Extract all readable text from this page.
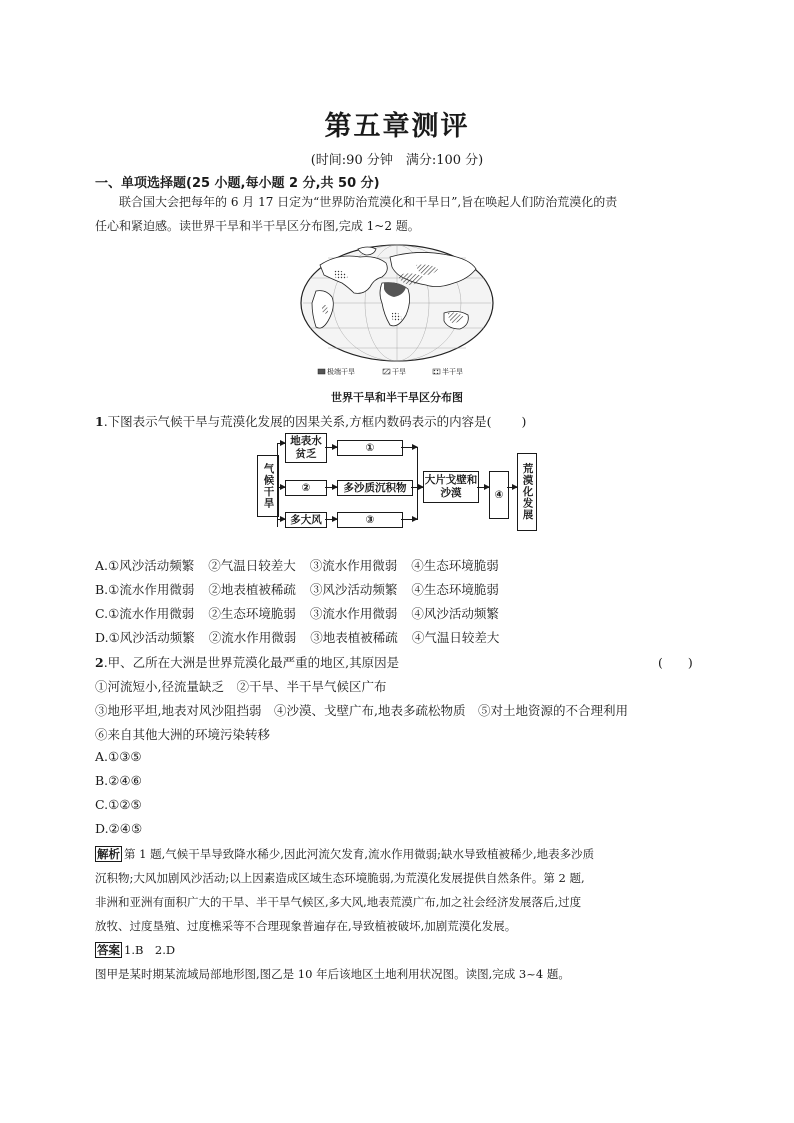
第五章测评
(时间:90 分钟　满分:100 分)
一、单项选择题(25 小题,每小题 2 分,共 50 分)
联合国大会把每年的 6 月 17 日定为“世界防治荒漠化和干旱日”,旨在唤起人们防治荒漠化的责
任心和紧迫感。读世界干旱和半干旱区分布图,完成 1~2 题。
极端干旱	干旱	半干旱
世界干旱和半干旱区分布图
1.下图表示气候干旱与荒漠化发展的因果关系,方框内数码表示的内容是( )
气候干旱
地表水贫乏
①
②	多沙质沉积物
多大风	③
大片戈壁和沙漠	④	荒漠化发展
A.①风沙活动频繁 ②气温日较差大 ③流水作用微弱 ④生态环境脆弱
B.①流水作用微弱 ②地表植被稀疏 ③风沙活动频繁 ④生态环境脆弱
C.①流水作用微弱 ②生态环境脆弱 ③流水作用微弱 ④风沙活动频繁
D.①风沙活动频繁 ②流水作用微弱 ③地表植被稀疏 ④气温日较差大
2.甲、乙所在大洲是世界荒漠化最严重的地区,其原因是	(　　)
①河流短小,径流量缺乏　②干旱、半干旱气候区广布
③地形平坦,地表对风沙阻挡弱　④沙漠、戈壁广布,地表多疏松物质　⑤对土地资源的不合理利用
⑥来自其他大洲的环境污染转移
A.①③⑤
B.②④⑥
C.①②⑤
D.②④⑤
解析 第 1 题,气候干旱导致降水稀少,因此河流欠发育,流水作用微弱;缺水导致植被稀少,地表多沙质
沉积物;大风加剧风沙活动;以上因素造成区域生态环境脆弱,为荒漠化发展提供自然条件。第 2 题,
非洲和亚洲有面积广大的干旱、半干旱气候区,多大风,地表荒漠广布,加之社会经济发展落后,过度
放牧、过度垦殖、过度樵采等不合理现象普遍存在,导致植被破坏,加剧荒漠化发展。
答案 1.B　2.D
图甲是某时期某流域局部地形图,图乙是 10 年后该地区土地利用状况图。读图,完成 3~4 题。
